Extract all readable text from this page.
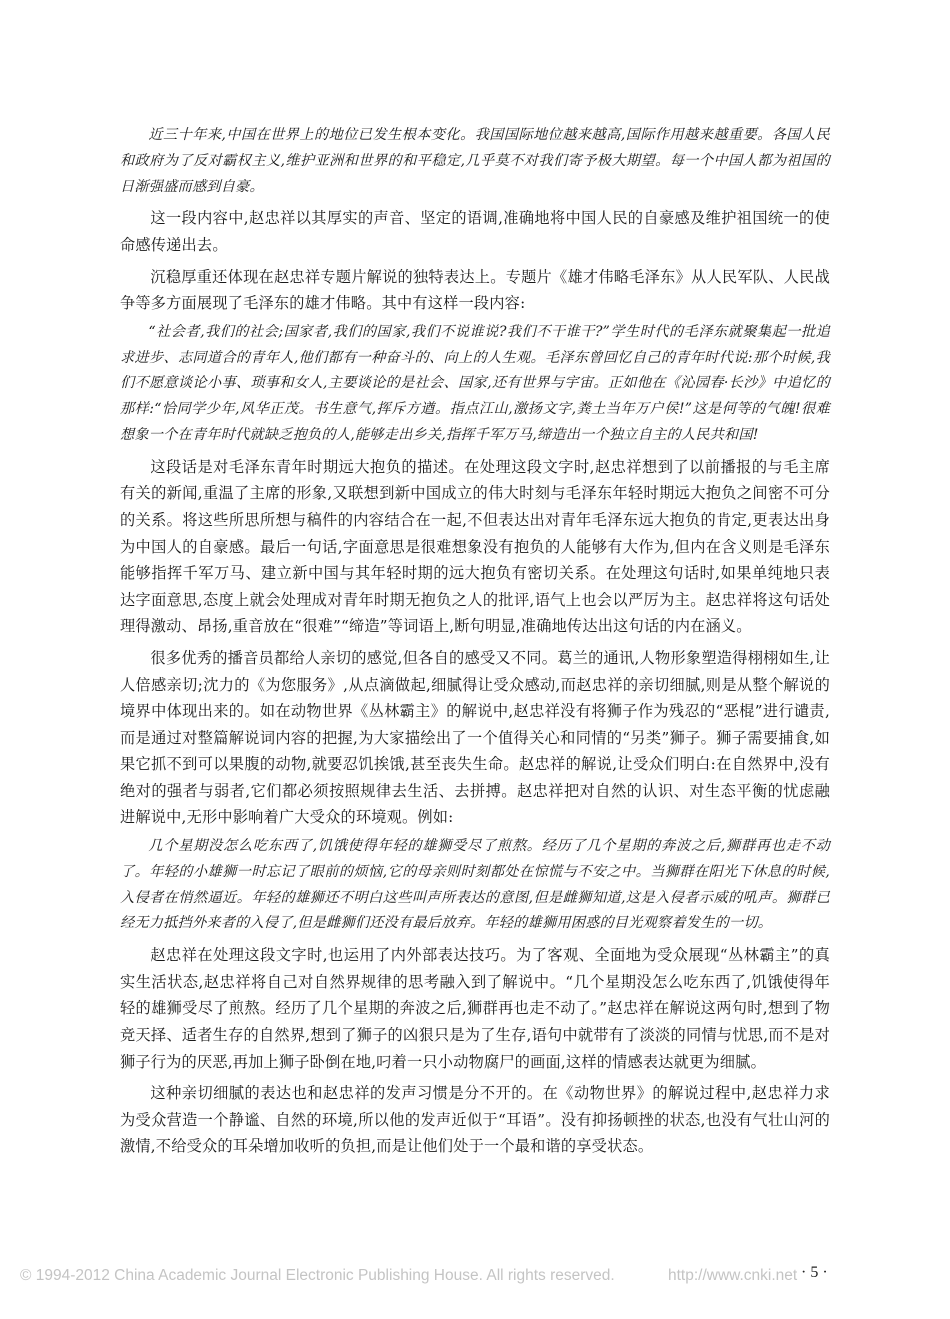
近三十年来,中国在世界上的地位已发生根本变化。我国国际地位越来越高,国际作用越来越重要。各国人民和政府为了反对霸权主义,维护亚洲和世界的和平稳定,几乎莫不对我们寄予极大期望。每一个中国人都为祖国的日渐强盛而感到自豪。

这一段内容中,赵忠祥以其厚实的声音、坚定的语调,准确地将中国人民的自豪感及维护祖国统一的使命感传递出去。

沉稳厚重还体现在赵忠祥专题片解说的独特表达上。专题片《雄才伟略毛泽东》从人民军队、人民战争等多方面展现了毛泽东的雄才伟略。其中有这样一段内容:

“社会者,我们的社会;国家者,我们的国家,我们不说谁说?我们不干谁干?”学生时代的毛泽东就聚集起一批追求进步、志同道合的青年人,他们都有一种奋斗的、向上的人生观。毛泽东曾回忆自己的青年时代说:那个时候,我们不愿意谈论小事、琐事和女人,主要谈论的是社会、国家,还有世界与宇宙。正如他在《沁园春·长沙》中追忆的那样:“恰同学少年,风华正茂。书生意气,挥斥方遒。指点江山,激扬文字,粪土当年万户侯!”这是何等的气魄!很难想象一个在青年时代就缺乏抱负的人,能够走出乡关,指挥千军万马,缔造出一个独立自主的人民共和国!

这段话是对毛泽东青年时期远大抱负的描述。在处理这段文字时,赵忠祥想到了以前播报的与毛主席有关的新闻,重温了主席的形象,又联想到新中国成立的伟大时刻与毛泽东年轻时期远大抱负之间密不可分的关系。将这些所思所想与稿件的内容结合在一起,不但表达出对青年毛泽东远大抱负的肯定,更表达出身为中国人的自豪感。最后一句话,字面意思是很难想象没有抱负的人能够有大作为,但内在含义则是毛泽东能够指挥千军万马、建立新中国与其年轻时期的远大抱负有密切关系。在处理这句话时,如果单纯地只表达字面意思,态度上就会处理成对青年时期无抱负之人的批评,语气上也会以严厉为主。赵忠祥将这句话处理得激动、昂扬,重音放在“很难”“缔造”等词语上,断句明显,准确地传达出这句话的内在涵义。

很多优秀的播音员都给人亲切的感觉,但各自的感受又不同。葛兰的通讯,人物形象塑造得栩栩如生,让人倍感亲切;沈力的《为您服务》,从点滴做起,细腻得让受众感动,而赵忠祥的亲切细腻,则是从整个解说的境界中体现出来的。如在动物世界《丛林霸主》的解说中,赵忠祥没有将狮子作为残忍的“恶棍”进行谴责,而是通过对整篇解说词内容的把握,为大家描绘出了一个值得关心和同情的“另类”狮子。狮子需要捕食,如果它抓不到可以果腹的动物,就要忍饥挨饿,甚至丧失生命。赵忠祥的解说,让受众们明白:在自然界中,没有绝对的强者与弱者,它们都必须按照规律去生活、去拼搏。赵忠祥把对自然的认识、对生态平衡的忧虑融进解说中,无形中影响着广大受众的环境观。例如:

几个星期没怎么吃东西了,饥饿使得年轻的雄狮受尽了煎熬。经历了几个星期的奔波之后,狮群再也走不动了。年轻的小雄狮一时忘记了眼前的烦恼,它的母亲则时刻都处在惊慌与不安之中。当狮群在阳光下休息的时候,入侵者在悄然逼近。年轻的雄狮还不明白这些叫声所表达的意图,但是雌狮知道,这是入侵者示威的吼声。狮群已经无力抵挡外来者的入侵了,但是雌狮们还没有最后放弃。年轻的雄狮用困惑的目光观察着发生的一切。

赵忠祥在处理这段文字时,也运用了内外部表达技巧。为了客观、全面地为受众展现“丛林霸主”的真实生活状态,赵忠祥将自己对自然界规律的思考融入到了解说中。“几个星期没怎么吃东西了,饥饿使得年轻的雄狮受尽了煎熬。经历了几个星期的奔波之后,狮群再也走不动了。”赵忠祥在解说这两句时,想到了物竞天择、适者生存的自然界,想到了狮子的凶狠只是为了生存,语句中就带有了淡淡的同情与忧思,而不是对狮子行为的厌恶,再加上狮子卧倒在地,叼着一只小动物腐尸的画面,这样的情感表达就更为细腻。

这种亲切细腻的表达也和赵忠祥的发声习惯是分不开的。在《动物世界》的解说过程中,赵忠祥力求为受众营造一个静谧、自然的环境,所以他的发声近似于“耳语”。没有抑扬顿挫的状态,也没有气壮山河的激情,不给受众的耳朵增加收听的负担,而是让他们处于一个最和谐的享受状态。

© 1994-2012 China Academic Journal Electronic Publishing House. All rights reserved.	http://www.cnki.net · 5 ·
